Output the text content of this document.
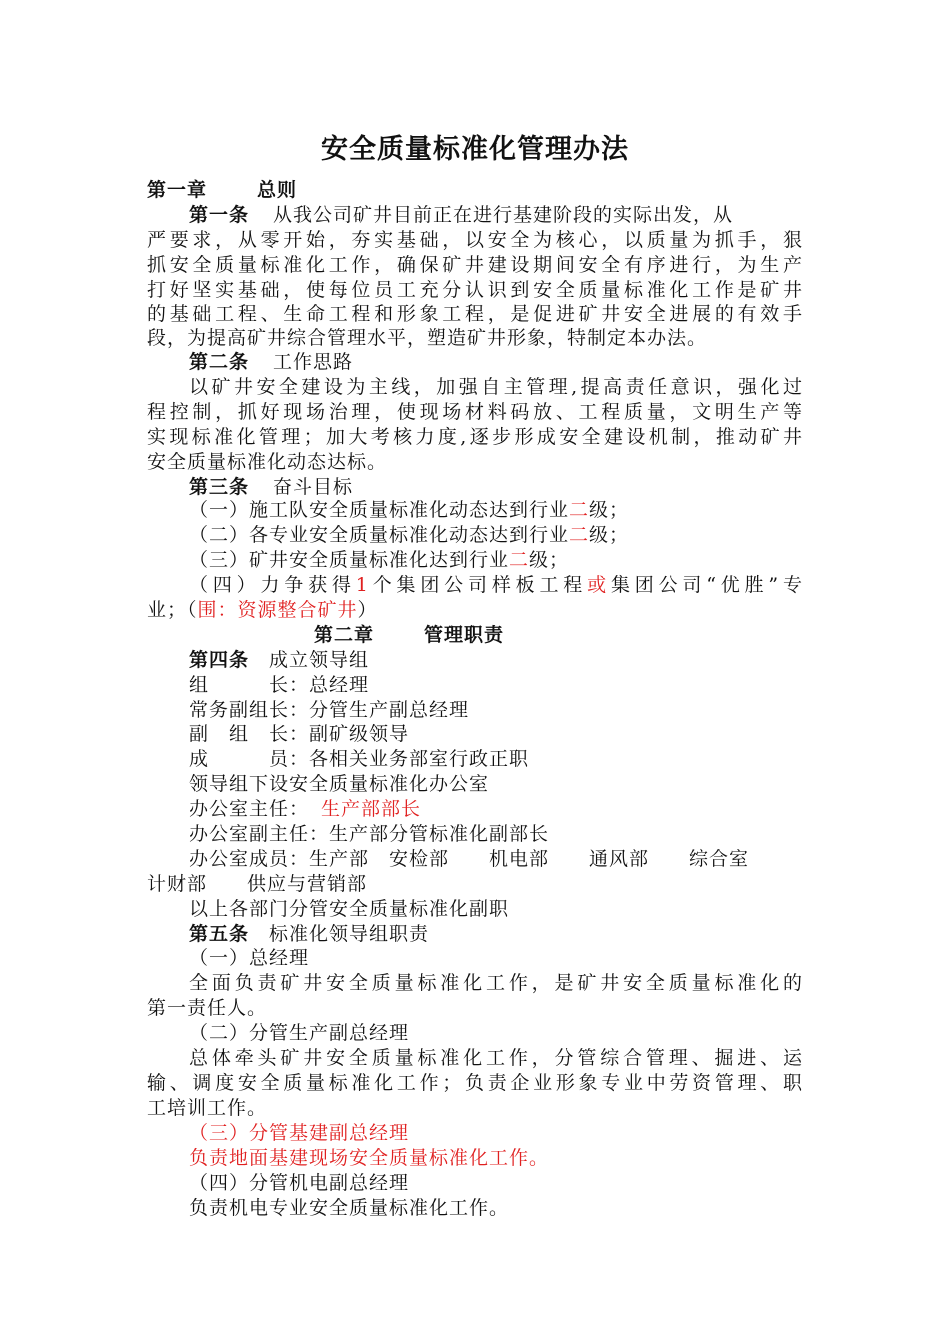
安全质量标准化管理办法
第一章	总则
第一条 从我公司矿井目前正在进行基建阶段的实际出发，从
严要求，从零开始，夯实基础，以安全为核心，以质量为抓手，狠
抓安全质量标准化工作，确保矿井建设期间安全有序进行，为生产
打好坚实基础，使每位员工充分认识到安全质量标准化工作是矿井
的基础工程、生命工程和形象工程，是促进矿井安全进展的有效手
段，为提高矿井综合管理水平，塑造矿井形象，特制定本办法。
第二条 工作思路
以矿井安全建设为主线，加强自主管理,提高责任意识，强化过
程控制，抓好现场治理，使现场材料码放、工程质量，文明生产等
实现标准化管理；加大考核力度,逐步形成安全建设机制，推动矿井
安全质量标准化动态达标。
第三条 奋斗目标
（一）施工队安全质量标准化动态达到行业二级；
（二）各专业安全质量标准化动态达到行业二级；
（三）矿井安全质量标准化达到行业二级；
（四）力争获得1个集团公司样板工程或集团公司“优胜”专
业；（围：资源整合矿井）
第二章	管理职责
第四条 成立领导组
组　　　长：总经理
常务副组长：分管生产副总经理
副　组　长：副矿级领导
成　　　员：各相关业务部室行政正职
领导组下设安全质量标准化办公室
办公室主任： 生产部部长
办公室副主任：生产部分管标准化副部长
办公室成员：生产部　安检部　　机电部　　通风部　　综合室
计财部　　供应与营销部
以上各部门分管安全质量标准化副职
第五条 标准化领导组职责
（一）总经理
全面负责矿井安全质量标准化工作，是矿井安全质量标准化的
第一责任人。
（二）分管生产副总经理
总体牵头矿井安全质量标准化工作，分管综合管理、掘进、运
输、调度安全质量标准化工作；负责企业形象专业中劳资管理、职
工培训工作。
（三）分管基建副总经理
负责地面基建现场安全质量标准化工作。
（四）分管机电副总经理
负责机电专业安全质量标准化工作。
